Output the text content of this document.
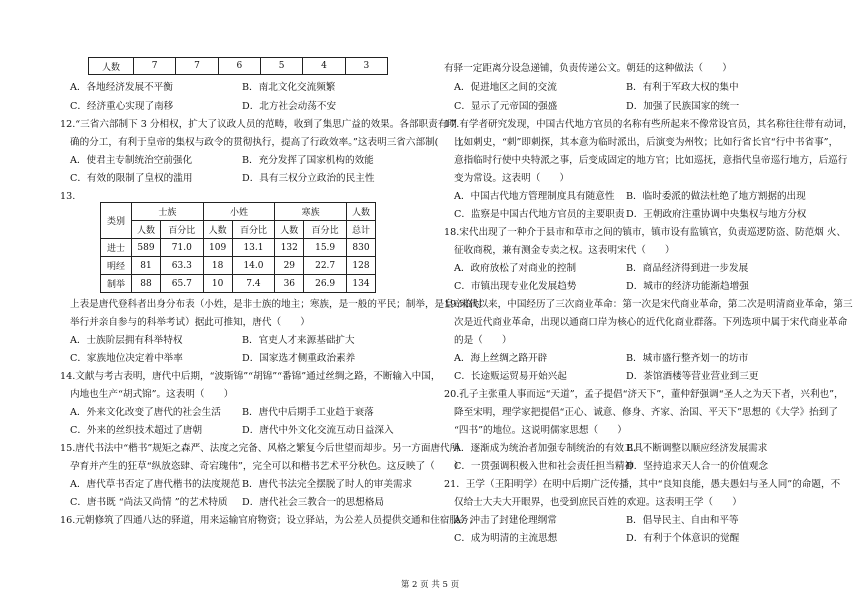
人数	7	7	6	5	4	3
A．各地经济发展不平衡	B．南北文化交流频繁
C．经济重心实现了南移	D．北方社会动荡不安
12.“三省六部制下 3 分相权，扩大了议政人员的范畴，收到了集思广益的效果。各部职责有明
确的分工，有利于皇帝的集权与政令的贯彻执行，提高了行政效率。”这表明三省六部制(　　)
A．使君主专制统治空前强化	B．充分发挥了国家机构的效能
C．有效的限制了皇权的滥用	D．具有三权分立政治的民主性
13.
上表是唐代登科者出身分布表（小姓，是非士族的地主；寒族，是一般的平民；制举，是皇帝临时
举行并亲自参与的科举考试）据此可推知，唐代（　　）
A．士族阶层拥有科举特权	B．官吏人才来源基础扩大
C．家族地位决定着中举率	D．国家选才侧重政治素养
14.文献与考古表明，唐代中后期，“波斯锦”“胡锦”“番锦”通过丝绸之路，不断输入中国，
内地也生产“胡式锦”。这表明（　　）
A．外来文化改变了唐代的社会生活 B．唐代中后期手工业趋于衰落
C．外来的丝织技术超过了唐朝	D．唐代中外文化交流互动日益深入
15.唐代书法中“楷书”规矩之森严、法度之完备、风格之繁复今后世望而却步。另一方面唐代所
孕育并产生的狂草“纵放恣肆、奇宕瑰伟”，完全可以和楷书艺术平分秋色。这反映了（　　）
A．唐代草书否定了唐代楷书的法度规范 B．唐代书法完全摆脱了时人的审美需求
C．唐书既 “尚法又尚情 ”的艺术特质 D．唐代社会三教合一的思想格局
16.元朝修筑了四通八达的驿道，用来运输官府物资；设立驿站，为公差人员提供交通和住宿服务；
类别	士族		小姓		寒族		人数
	人数	百分比	人数	百分比	人数	百分比	总计
进士	589	71.0	109	13.1	132	15.9	830
明经	81	63.3	18	14.0	29	22.7	128
制举	88	65.7	10	7.4	36	26.9	134
有驿一定距离分设急递铺，负责传递公文。朝廷的这种做法（　　）
A．促进地区之间的交流	B．有利于军政大权的集中
C．显示了元帝国的强盛	D．加强了民族国家的统一
17.有学者研究发现，中国古代地方官员的名称有些所起来不像常设官员，其名称往往带有动词，
比如刺史，“刺”即刺探，其本意为临时派出，后演变为州牧；比如行省长官“行中书省事”，
意指临时行使中央特派之事，后变成固定的地方官；比如巡抚，意指代皇帝巡行地方，后巡行
变为常设。这表明（　　）
A．中国古代地方管理制度具有随意性 B．临时委派的做法杜绝了地方割据的出现
C．监察是中国古代地方官员的主要职责 D．王朝政府注重协调中央集权与地方分权
18.宋代出现了一种介于县市和草市之间的镇市，镇市设有监镇官，负责巡逻防盗、防范烟 火、
征收商税，兼有测金专卖之权。这表明宋代（　　）
A．政府放松了对商业的控制	B．商品经济得到进一步发展
C．市镇出现专业化发展趋势	D．城市的经济功能渐趋增强
19.宋代以来，中国经历了三次商业革命：第一次是宋代商业革命，第二次是明清商业革命，第三
次是近代商业革命，出现以通商口岸为核心的近代化商业群落。下列选项中属于宋代商业革命
的是（　　）
A．海上丝绸之路开辟	B．城市盛行整齐划一的坊市
C．长途贩运贸易开始兴起	D．茶馆酒楼等营业营业到三更
20.孔子主张重人事而远“天道”，孟子提倡“济天下”，董仲舒强调“圣人之为天下者，兴利也”，
降至宋明，理学家把提倡“正心、诚意、修身、齐家、治国、平天下”思想的《大学》抬到了
“四书”的地位。这说明儒家思想（　　）
A．逐渐成为统治者加强专制统治的有效工具
B．不断调整以顺应经济发展需求
C．一贯强调积极入世和社会责任担当精神
D．坚持追求天人合一的价值观念
21．王学（王阳明学）在明中后期广泛传播，其中“良知良能，愚夫愚妇与圣人同”的命题，不
仅给士大夫大开眼界，也受到庶民百姓的欢迎。这表明王学（　　）
A．冲击了封建伦理纲常	B．倡导民主、自由和平等
C．成为明清的主流思想	D．有利于个体意识的觉醒
第 2 页 共 5 页
